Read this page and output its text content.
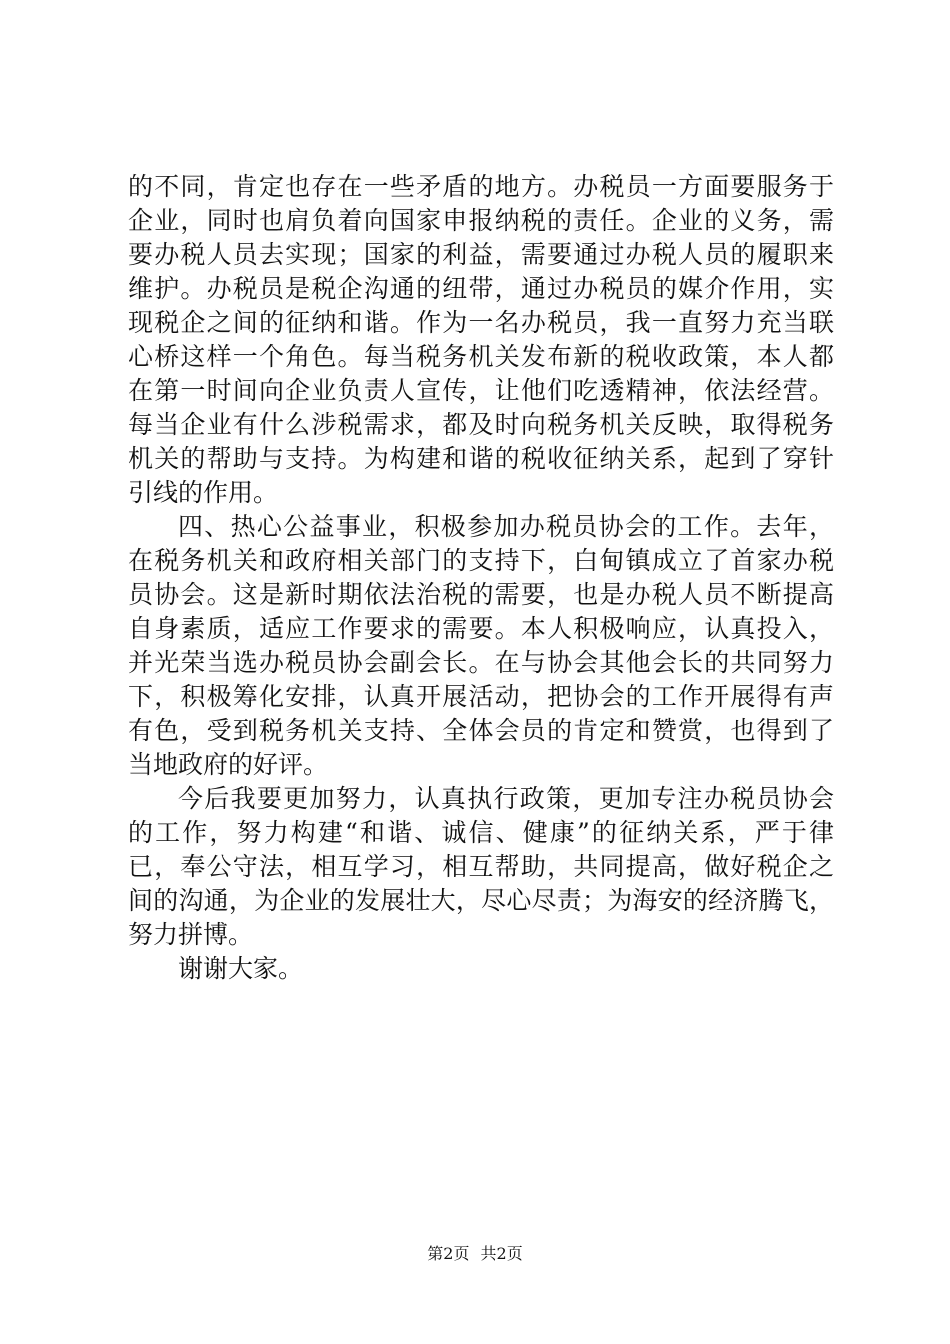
的不同，肯定也存在一些矛盾的地方。办税员一方面要服务于
企业，同时也肩负着向国家申报纳税的责任。企业的义务，需
要办税人员去实现；国家的利益，需要通过办税人员的履职来
维护。办税员是税企沟通的纽带，通过办税员的媒介作用，实
现税企之间的征纳和谐。作为一名办税员，我一直努力充当联
心桥这样一个角色。每当税务机关发布新的税收政策，本人都
在第一时间向企业负责人宣传，让他们吃透精神，依法经营。
每当企业有什么涉税需求，都及时向税务机关反映，取得税务
机关的帮助与支持。为构建和谐的税收征纳关系，起到了穿针
引线的作用。
四、热心公益事业，积极参加办税员协会的工作。去年，
在税务机关和政府相关部门的支持下，白甸镇成立了首家办税
员协会。这是新时期依法治税的需要，也是办税人员不断提高
自身素质，适应工作要求的需要。本人积极响应，认真投入，
并光荣当选办税员协会副会长。在与协会其他会长的共同努力
下，积极筹化安排，认真开展活动，把协会的工作开展得有声
有色，受到税务机关支持、全体会员的肯定和赞赏，也得到了
当地政府的好评。
今后我要更加努力，认真执行政策，更加专注办税员协会
的工作，努力构建“和谐、诚信、健康”的征纳关系，严于律
已，奉公守法，相互学习，相互帮助，共同提高，做好税企之
间的沟通，为企业的发展壮大，尽心尽责；为海安的经济腾飞，
努力拼博。
谢谢大家。
第2页 共2页
